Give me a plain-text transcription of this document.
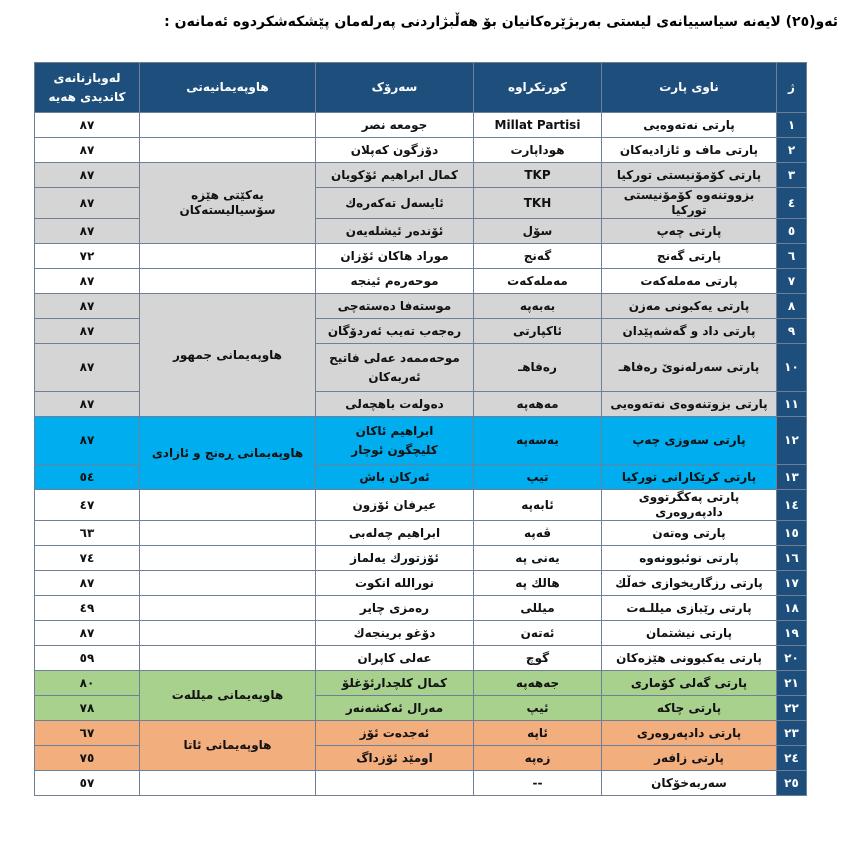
ئەو(٢٥) لایەنە سیاسییانەی لیستی بەربژێرەکانیان بۆ هەڵبژاردنی پەرلەمان پێشکەشکردوە ئەمانەن :
ژ	ناوی پارت	کورتکراوە	سەرۆک	هاوپەیمانیەتی	لەوبازنانەی
کاندیدی هەیە

١	پارتی نەتەوەیی	Millat Partisi	جومعە نصر		٨٧
٢	پارتی ماف و ئازادیەکان	هوداپارت	دۆزگون کەپلان		٨٧
٣	پارتی کۆمۆنیستی تورکیا	TKP	کمال ابراهیم ئۆکویان	یەکێتی هێزە سۆسیالیستەکان	٨٧
٤	بزووتنەوە کۆمۆنیستی تورکیا	TKH	ئایسەل تەکەرەك		٨٧
٥	پارتی چەپ	سۆل	ئۆندەر ئیشلەیەن		٨٧
٦	پارتی گەنج	گەنج	موراد هاکان ئۆزان		٧٢
٧	پارتی مەملەکەت	مەملەکەت	موحەرەم ئینجە		٨٧
٨	پارتی یەکبونی مەزن	بەبەپە	موستەفا دەستەچی	هاوپەیمانی جمهور	٨٧
٩	پارتی داد و گەشەپێدان	ئاکپارتی	رەجەب تەیب ئەردۆگان		٨٧
١٠	پارتی سەرلەنوێ رەفاهـ	رەفاهـ	موحەممەد عەلی فاتیح
ئەربەکان		٨٧
١١	پارتی بزوتنەوەی نەتەوەیی	مەهەپە	دەولەت باهچەلی		٨٧
١٢	پارتی سەوزی چەپ	یەسەپە	ابراهیم ئاکان
کلیچگون ئوچار	هاوپەیمانی ڕەنج و ئازادی	٨٧
١٣	پارتی کرێکارانی تورکیا	تیپ	ئەرکان باش		٥٤
١٤	پارتی پەکگرتووی دادپەروەری	ئابەپە	عیرفان ئۆزون		٤٧
١٥	پارتی وەتەن	ڤەپە	ابراهیم چەلەبی		٦٣
١٦	پارتی نوئبوونەوە	یەنی پە	ئۆزتورك یەلماز		٧٤
١٧	پارتی رزگاریخوازی خەڵك	هالك پە	نورالله انكوت		٨٧
١٨	پارتی رێبازی میللـەت	میللی	رەمزی چایر		٤٩
١٩	پارتی نیشتمان	ئەتەن	دۆغو برینجەك		٨٧
٢٠	پارتی یەکبوونی هێزەکان	گوچ	عەلی کاپران		٥٩
٢١	پارتی گەلی کۆماری	جەهەپە	کمال کلچدارئۆغلۆ	هاوپەیمانی میللەت	٨٠
٢٢	پارتی چاکە	ئیپ	مەرال ئەکشەنەر		٧٨
٢٣	پارتی دادپەروەری	ئاپە	ئەجدەت ئۆز	هاوپەیمانی ئاتا	٦٧
٢٤	پارتی زافەر	زەپە	اومێد ئۆزداگ		٧٥
٢٥	سەربەخۆکان	--			٥٧
